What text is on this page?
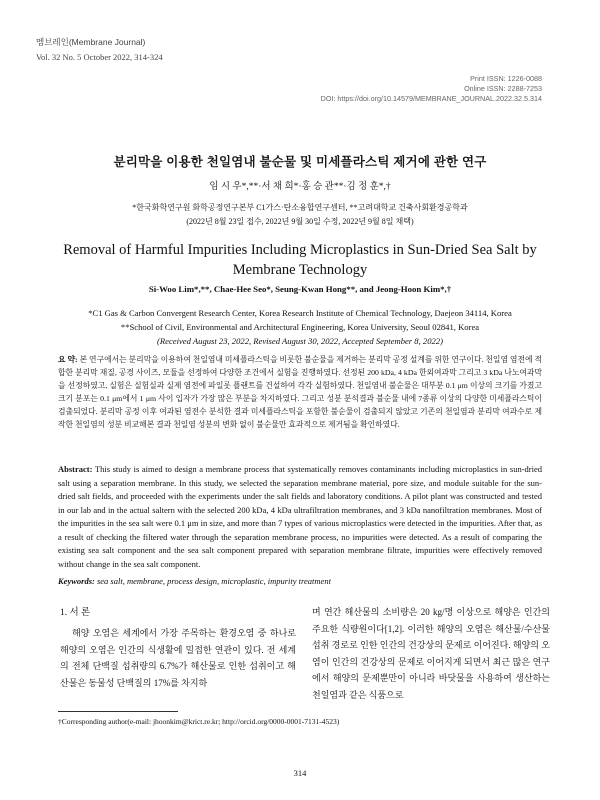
멤브레인(Membrane Journal)
Vol. 32 No. 5 October 2022, 314-324
Print ISSN: 1226-0088
Online ISSN: 2288-7253
DOI: https://doi.org/10.14579/MEMBRANE_JOURNAL.2022.32.5.314
분리막을 이용한 천일염내 불순물 및 미세플라스틱 제거에 관한 연구
임 시 우*,**·서 채 희*·홍 승 관**·김 정 훈*,†
*한국화학연구원 화학공정연구본부 C1가스·탄소융합연구센터, **고려대학교 건축사회환경공학과
(2022년 8월 23일 접수, 2022년 9월 30일 수정, 2022년 9월 8일 채택)
Removal of Harmful Impurities Including Microplastics in Sun-Dried Sea Salt by
Membrane Technology
Si-Woo Lim*,**, Chae-Hee Seo*, Seung-Kwan Hong**, and Jeong-Hoon Kim*,†
*C1 Gas & Carbon Convergent Research Center, Korea Research Institute of Chemical Technology, Daejeon 34114, Korea
**School of Civil, Environmental and Architectural Engineering, Korea University, Seoul 02841, Korea
(Received August 23, 2022, Revised August 30, 2022, Accepted September 8, 2022)
요 약: 본 연구에서는 분리막을 이용하여 천일염내 미세플라스틱을 비롯한 불순물을 제거하는 분리막 공정 설계를 위한 연구이다. 천일염 염전에 적합한 분리막 재질, 공경 사이즈, 모듈을 선정하여 다양한 조건에서 실험을 진행하였다. 선정된 200 kDa, 4 kDa 한외여과막 그리고 3 kDa 나노여과막을 선정하였고, 실험은 실험실과 실제 염전에 파일롯 플랜트를 건설하여 각각 실험하였다. 천일염내 불순물은 대부분 0.1 μm 이상의 크기를 가졌고 크기 분포는 0.1 μm에서 1 μm 사이 입자가 가장 많은 부분을 차지하였다. 그리고 성분 분석결과 불순물 내에 7종류 이상의 다양한 미세플라스틱이 검출되었다. 분리막 공정 이후 여과된 염전수 분석한 결과 미세플라스틱을 포함한 불순물이 검출되지 않았고 기존의 천일염과 분리막 여과수로 제작한 천일염의 성분 비교해본 결과 천일염 성분의 변화 없이 불순물만 효과적으로 제거됨을 확인하였다.
Abstract: This study is aimed to design a membrane process that systematically removes contaminants including microplastics in sun-dried salt using a separation membrane. In this study, we selected the separation membrane material, pore size, and module suitable for the sun-dried salt fields, and proceeded with the experiments under the salt fields and laboratory conditions. A pilot plant was constructed and tested in our lab and in the actual saltern with the selected 200 kDa, 4 kDa ultrafiltration membranes, and 3 kDa nanofiltration membranes. Most of the impurities in the sea salt were 0.1 μm in size, and more than 7 types of various microplastics were detected in the impurities. After that, as a result of checking the filtered water through the separation membrane process, no impurities were detected. As a result of comparing the existing sea salt component and the sea salt component prepared with separation membrane filtrate, impurities were effectively removed without change in the sea salt component.
Keywords: sea salt, membrane, process design, microplastic, impurity treatment
1. 서 론
해양 오염은 세계에서 가장 주목하는 환경오염 중 하나로 해양의 오염은 인간의 식생활에 밀접한 연관이 있다. 전 세계의 전체 단백질 섭취량의 6.7%가 해산물로 인한 섭취이고 해산물은 동물성 단백질의 17%를 차지하
며 연간 해산물의 소비량은 20 kg/명 이상으로 해양은 인간의 주요한 식량원이다[1,2]. 이러한 해양의 오염은 해산물/수산물 섭취 경로로 인한 인간의 건강상의 문제로 이어진다. 해양의 오염이 인간의 건강상의 문제로 이어지게 되면서 최근 많은 연구에서 해양의 문제뿐만이 아니라 바닷물을 사용하여 생산하는 천일염과 같은 식품으로
†Corresponding author(e-mail: jhoonkim@krict.re.kr; http://orcid.org/0000-0001-7131-4523)
314
